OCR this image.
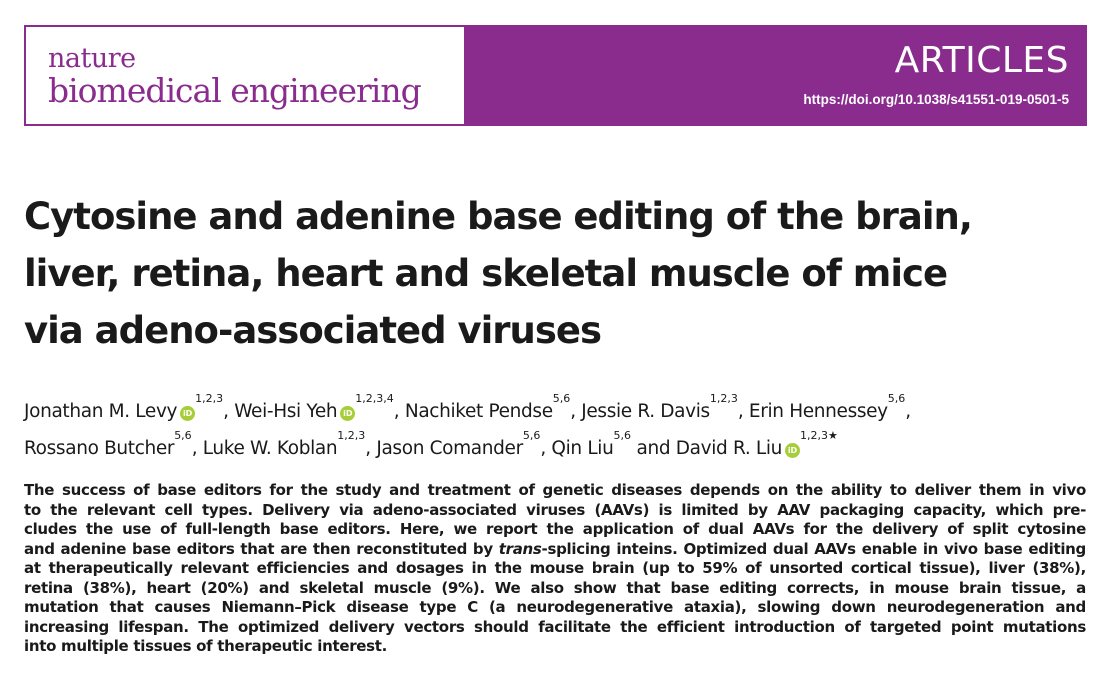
nature
biomedical engineering
ARTICLES
https://doi.org/10.1038/s41551-019-0501-5
Cytosine and adenine base editing of the brain,
liver, retina, heart and skeletal muscle of mice
via adeno-associated viruses
Jonathan M. Levy iD$^{1,2,3}$, Wei-Hsi Yeh iD$^{1,2,3,4}$, Nachiket Pendse$^{5,6}$, Jessie R. Davis$^{1,2,3}$, Erin Hennessey$^{5,6}$,
Rossano Butcher$^{5,6}$, Luke W. Koblan$^{1,2,3}$, Jason Comander$^{5,6}$, Qin Liu$^{5,6}$ and David R. Liu iD$^{1,2,3★}$

The success of base editors for the study and treatment of genetic diseases depends on the ability to deliver them in vivo
to the relevant cell types. Delivery via adeno-associated viruses (AAVs) is limited by AAV packaging capacity, which pre-
cludes the use of full-length base editors. Here, we report the application of dual AAVs for the delivery of split cytosine
and adenine base editors that are then reconstituted by trans-splicing inteins. Optimized dual AAVs enable in vivo base editing
at therapeutically relevant efficiencies and dosages in the mouse brain (up to 59% of unsorted cortical tissue), liver (38%),
retina (38%), heart (20%) and skeletal muscle (9%). We also show that base editing corrects, in mouse brain tissue, a
mutation that causes Niemann–Pick disease type C (a neurodegenerative ataxia), slowing down neurodegeneration and
increasing lifespan. The optimized delivery vectors should facilitate the efficient introduction of targeted point mutations
into multiple tissues of therapeutic interest.
